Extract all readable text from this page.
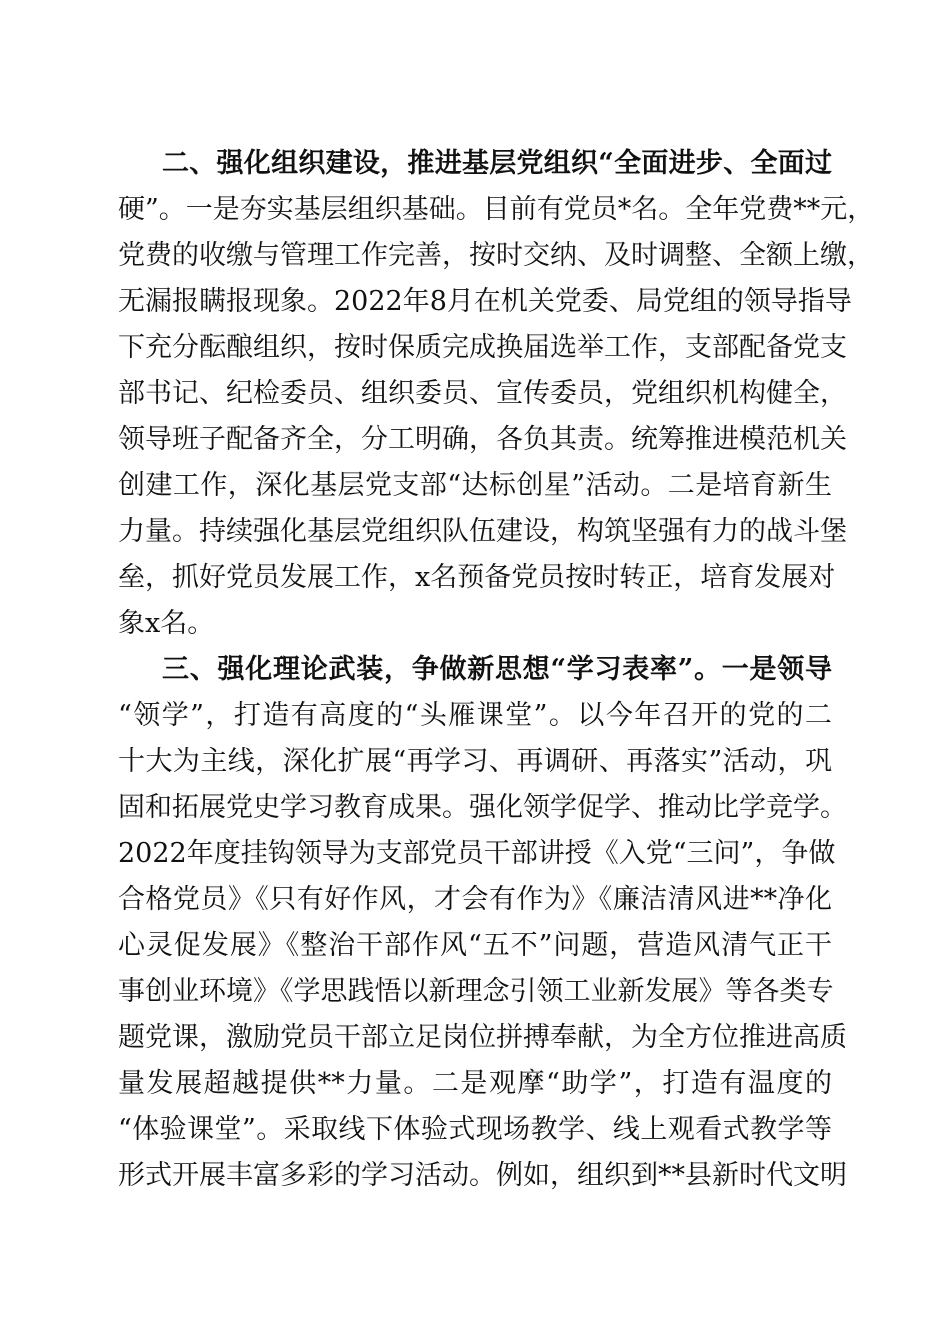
二、强化组织建设，推进基层党组织“全面进步、全面过
硬”。一是夯实基层组织基础。目前有党员*名。全年党费**元，
党费的收缴与管理工作完善，按时交纳、及时调整、全额上缴，
无漏报瞒报现象。2022年8月在机关党委、局党组的领导指导
下充分酝酿组织，按时保质完成换届选举工作，支部配备党支
部书记、纪检委员、组织委员、宣传委员，党组织机构健全，
领导班子配备齐全，分工明确，各负其责。统筹推进模范机关
创建工作，深化基层党支部“达标创星”活动。二是培育新生
力量。持续强化基层党组织队伍建设，构筑坚强有力的战斗堡
垒，抓好党员发展工作，x名预备党员按时转正，培育发展对
象x名。
三、强化理论武装，争做新思想“学习表率”。一是领导
“领学”，打造有高度的“头雁课堂”。以今年召开的党的二
十大为主线，深化扩展“再学习、再调研、再落实”活动，巩
固和拓展党史学习教育成果。强化领学促学、推动比学竞学。
2022年度挂钩领导为支部党员干部讲授《入党“三问”，争做
合格党员》《只有好作风，才会有作为》《廉洁清风进**净化
心灵促发展》《整治干部作风“五不”问题，营造风清气正干
事创业环境》《学思践悟以新理念引领工业新发展》等各类专
题党课，激励党员干部立足岗位拼搏奉献，为全方位推进高质
量发展超越提供**力量。二是观摩“助学”，打造有温度的
“体验课堂”。采取线下体验式现场教学、线上观看式教学等
形式开展丰富多彩的学习活动。例如，组织到**县新时代文明
